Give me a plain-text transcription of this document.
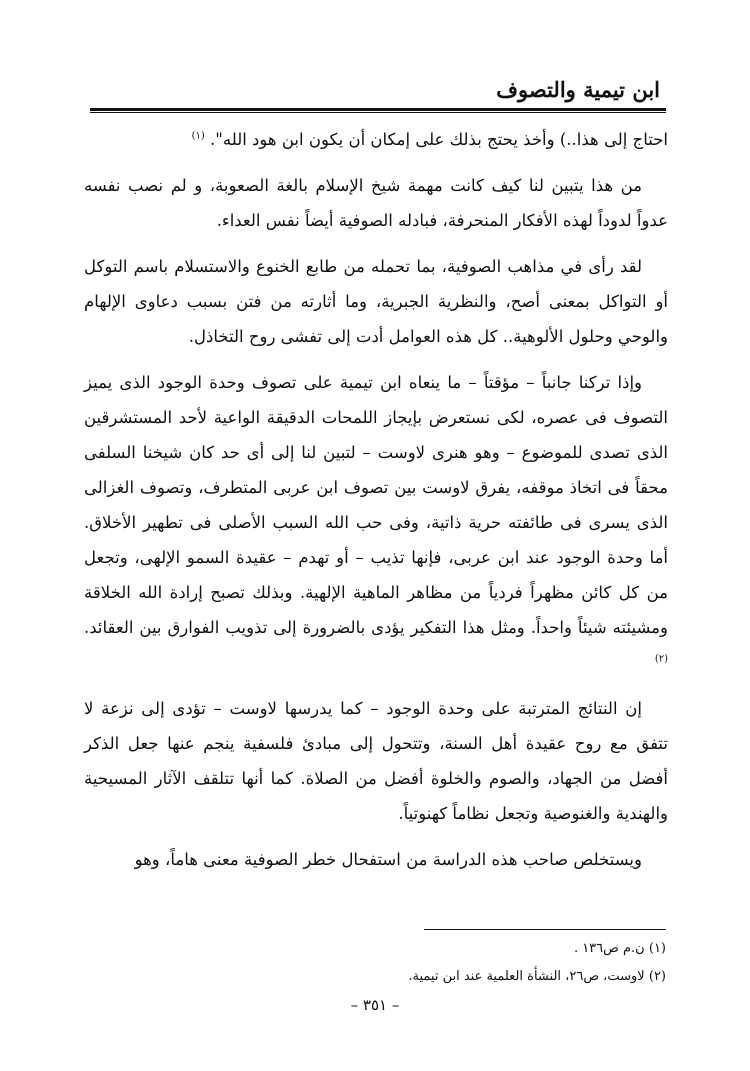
ابن تيمية والتصوف

احتاج إلى هذا..) وأخذ يحتج بذلك على إمكان أن يكون ابن هود الله". $^{(١)}$

من هذا يتبين لنا كيف كانت مهمة شيخ الإسلام بالغة الصعوبة، و لم نصب نفسه عدواً لدوداً لهذه الأفكار المنحرفة، فبادله الصوفية أيضاً نفس العداء.

لقد رأى في مذاهب الصوفية، بما تحمله من طابع الخنوع والاستسلام باسم التوكل أو التواكل بمعنى أصح، والنظرية الجبرية، وما أثارته من فتن بسبب دعاوى الإلهام والوحي وحلول الألوهية.. كل هذه العوامل أدت إلى تفشى روح التخاذل.

وإذا تركنا جانباً – مؤقتاً – ما ينعاه ابن تيمية على تصوف وحدة الوجود الذى يميز التصوف فى عصره، لكى نستعرض بإيجاز اللمحات الدقيقة الواعية لأحد المستشرقين الذى تصدى للموضوع – وهو هنرى لاوست – لتبين لنا إلى أى حد كان شيخنا السلفى محقاً فى اتخاذ موقفه، يفرق لاوست بين تصوف ابن عربى المتطرف، وتصوف الغزالى الذى يسرى فى طائفته حرية ذاتية، وفى حب الله السبب الأصلى فى تطهير الأخلاق. أما وحدة الوجود عند ابن عربى، فإنها تذيب – أو تهدم – عقيدة السمو الإلهى، وتجعل من كل كائن مظهراً فردياً من مظاهر الماهية الإلهية. وبذلك تصبح إرادة الله الخلاقة ومشيئته شيئاً واحداً. ومثل هذا التفكير يؤدى بالضرورة إلى تذويب الفوارق بين العقائد.$^{(٢)}$

إن النتائج المترتبة على وحدة الوجود – كما يدرسها لاوست – تؤدى إلى نزعة لا تتفق مع روح عقيدة أهل السنة، وتتحول إلى مبادئ فلسفية ينجم عنها جعل الذكر أفضل من الجهاد، والصوم والخلوة أفضل من الصلاة. كما أنها تتلقف الآثار المسيحية والهندية والغنوصية وتجعل نظاماً كهنوتياً.

ويستخلص صاحب هذه الدراسة من استفحال خطر الصوفية معنى هاماً، وهو

(١) ن.م ص١٣٦ .

(٢) لاوست، ص٢٦، النشأة العلمية عند ابن تيمية.

– ٣٥١ –
